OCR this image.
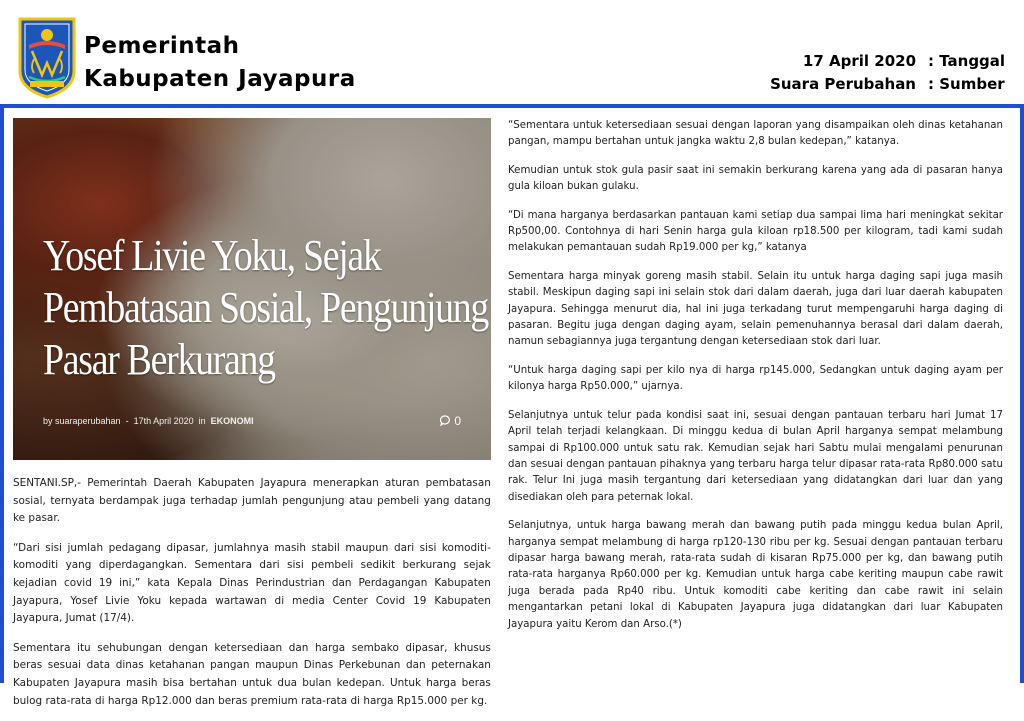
Pemerintah
Kabupaten Jayapura
17 April 2020 : Tanggal
Suara Perubahan : Sumber
Yosef Livie Yoku, Sejak
Pembatasan Sosial, Pengunjung
Pasar Berkurang
by suaraperubahan  -  17th April 2020  in  EKONOMI	0

SENTANI.SP,- Pemerintah Daerah Kabupaten Jayapura menerapkan aturan pembatasan sosial, ternyata berdampak juga terhadap jumlah pengunjung atau pembeli yang datang ke pasar.

“Dari sisi jumlah pedagang dipasar, jumlahnya masih stabil maupun dari sisi komoditi-komoditi yang diperdagangkan. Sementara dari sisi pembeli sedikit berkurang sejak kejadian covid 19 ini,” kata Kepala Dinas Perindustrian dan Perdagangan Kabupaten Jayapura, Yosef Livie Yoku kepada wartawan di media Center Covid 19 Kabupaten Jayapura, Jumat (17/4).

Sementara itu sehubungan dengan ketersediaan dan harga sembako dipasar, khusus beras sesuai data dinas ketahanan pangan maupun Dinas Perkebunan dan peternakan Kabupaten Jayapura masih bisa bertahan untuk dua bulan kedepan. Untuk harga beras bulog rata-rata di harga Rp12.000 dan beras premium rata-rata di harga Rp15.000 per kg.

“Sementara untuk ketersediaan sesuai dengan laporan yang disampaikan oleh dinas ketahanan pangan, mampu bertahan untuk jangka waktu 2,8 bulan kedepan,” katanya.

Kemudian untuk stok gula pasir saat ini semakin berkurang karena yang ada di pasaran hanya gula kiloan bukan gulaku.

“Di mana harganya berdasarkan pantauan kami setiap dua sampai lima hari meningkat sekitar Rp500,00. Contohnya di hari Senin harga gula kiloan rp18.500 per kilogram, tadi kami sudah melakukan pemantauan sudah Rp19.000 per kg,” katanya

Sementara harga minyak goreng masih stabil. Selain itu untuk harga daging sapi juga masih stabil. Meskipun daging sapi ini selain stok dari dalam daerah, juga dari luar daerah kabupaten Jayapura. Sehingga menurut dia, hal ini juga terkadang turut mempengaruhi harga daging di pasaran. Begitu juga dengan daging ayam, selain pemenuhannya berasal dari dalam daerah, namun sebagiannya juga tergantung dengan ketersediaan stok dari luar.

“Untuk harga daging sapi per kilo nya di harga rp145.000, Sedangkan untuk daging ayam per kilonya harga Rp50.000,” ujarnya.

Selanjutnya untuk telur pada kondisi saat ini, sesuai dengan pantauan terbaru hari Jumat 17 April telah terjadi kelangkaan. Di minggu kedua di bulan April harganya sempat melambung sampai di Rp100.000 untuk satu rak. Kemudian sejak hari Sabtu mulai mengalami penurunan dan sesuai dengan pantauan pihaknya yang terbaru harga telur dipasar rata-rata Rp80.000 satu rak. Telur Ini juga masih tergantung dari ketersediaan yang didatangkan dari luar dan yang disediakan oleh para peternak lokal.

Selanjutnya, untuk harga bawang merah dan bawang putih pada minggu kedua bulan April, harganya sempat melambung di harga rp120-130 ribu per kg. Sesuai dengan pantauan terbaru dipasar harga bawang merah, rata-rata sudah di kisaran Rp75.000 per kg, dan bawang putih rata-rata harganya Rp60.000 per kg. Kemudian untuk harga cabe keriting maupun cabe rawit juga berada pada Rp40 ribu. Untuk komoditi cabe keriting dan cabe rawit ini selain mengantarkan petani lokal di Kabupaten Jayapura juga didatangkan dari luar Kabupaten Jayapura yaitu Kerom dan Arso.(*)
